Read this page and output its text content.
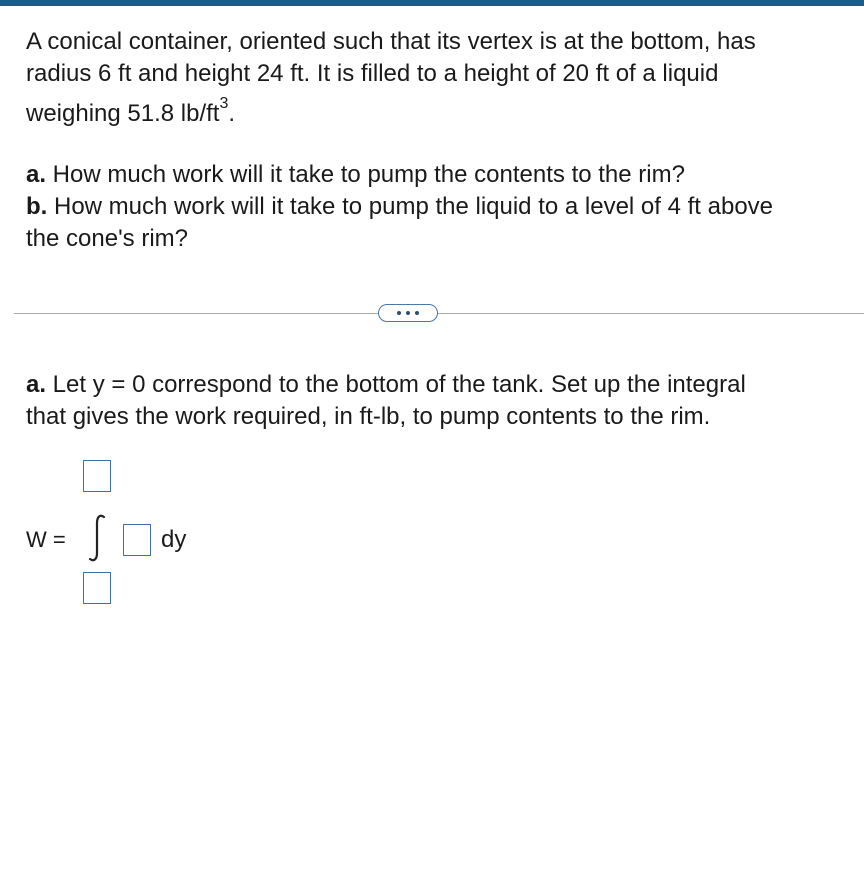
A conical container, oriented such that its vertex is at the bottom, has

radius 6 ft and height 24 ft. It is filled to a height of 20 ft of a liquid

weighing 51.8 $lb/ft^3$.

a. How much work will it take to pump the contents to the rim?

b. How much work will it take to pump the liquid to a level of 4 ft above

the cone's rim?

a. Let y = 0 correspond to the bottom of the tank. Set up the integral

that gives the work required, in ft-lb, to pump contents to the rim.

W =	dy
